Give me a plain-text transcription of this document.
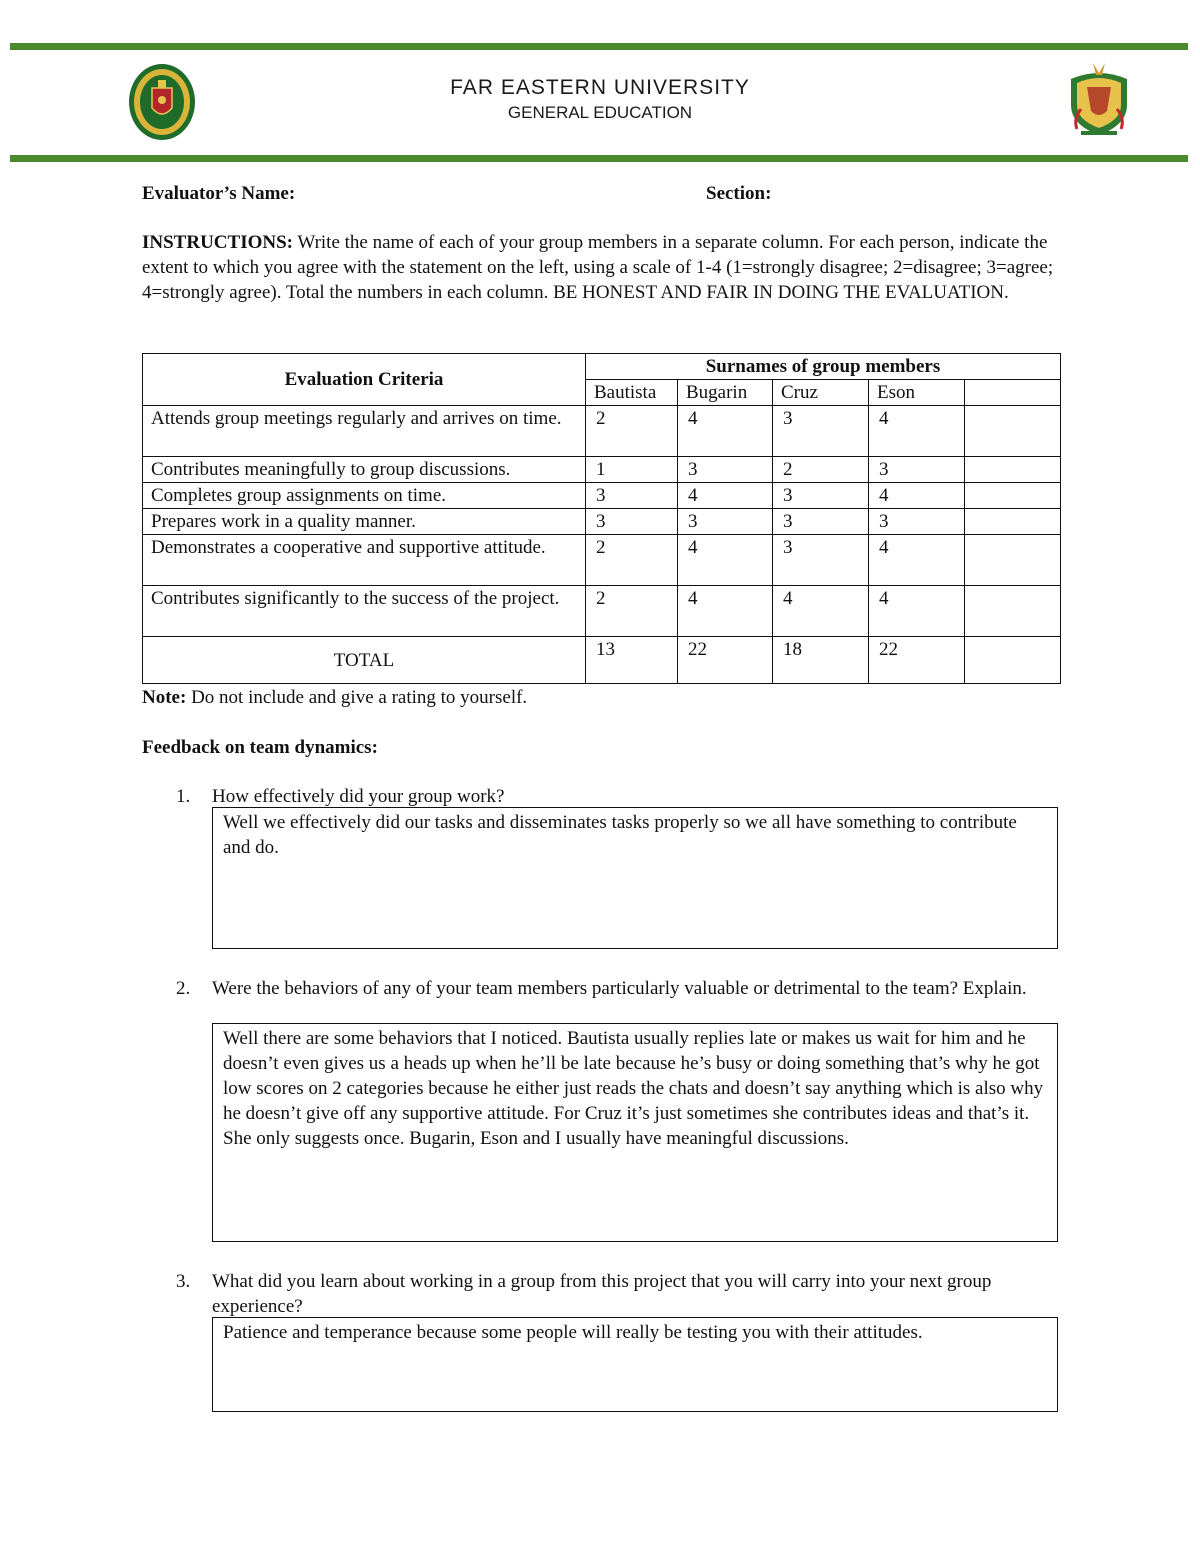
FAR EASTERN UNIVERSITY
GENERAL EDUCATION
Evaluator’s Name:	Section:
INSTRUCTIONS: Write the name of each of your group members in a separate column. For each person, indicate the extent to which you agree with the statement on the left, using a scale of 1-4 (1=strongly disagree; 2=disagree; 3=agree; 4=strongly agree). Total the numbers in each column. BE HONEST AND FAIR IN DOING THE EVALUATION.
Evaluation Criteria	Surnames of group members				
	Bautista	Bugarin	Cruz	Eson	
Attends group meetings regularly and arrives on time.	2	4	3	4	
Contributes meaningfully to group discussions.	1	3	2	3	
Completes group assignments on time.	3	4	3	4	
Prepares work in a quality manner.	3	3	3	3	
Demonstrates a cooperative and supportive attitude.	2	4	3	4	
Contributes significantly to the success of the project.	2	4	4	4	
TOTAL	13	22	18	22	
Note: Do not include and give a rating to yourself.
Feedback on team dynamics:
1. How effectively did your group work?
Well we effectively did our tasks and disseminates tasks properly so we all have something to contribute and do.
2.	Were the behaviors of any of your team members particularly valuable or detrimental to the team? Explain.
Well there are some behaviors that I noticed. Bautista usually replies late or makes us wait for him and he doesn’t even gives us a heads up when he’ll be late because he’s busy or doing something that’s why he got low scores on 2 categories because he either just reads the chats and doesn’t say anything which is also why he doesn’t give off any supportive attitude. For Cruz it’s just sometimes she contributes ideas and that’s it. She only suggests once. Bugarin, Eson and I usually have meaningful discussions.
3.	What did you learn about working in a group from this project that you will carry into your next group experience?
Patience and temperance because some people will really be testing you with their attitudes.
